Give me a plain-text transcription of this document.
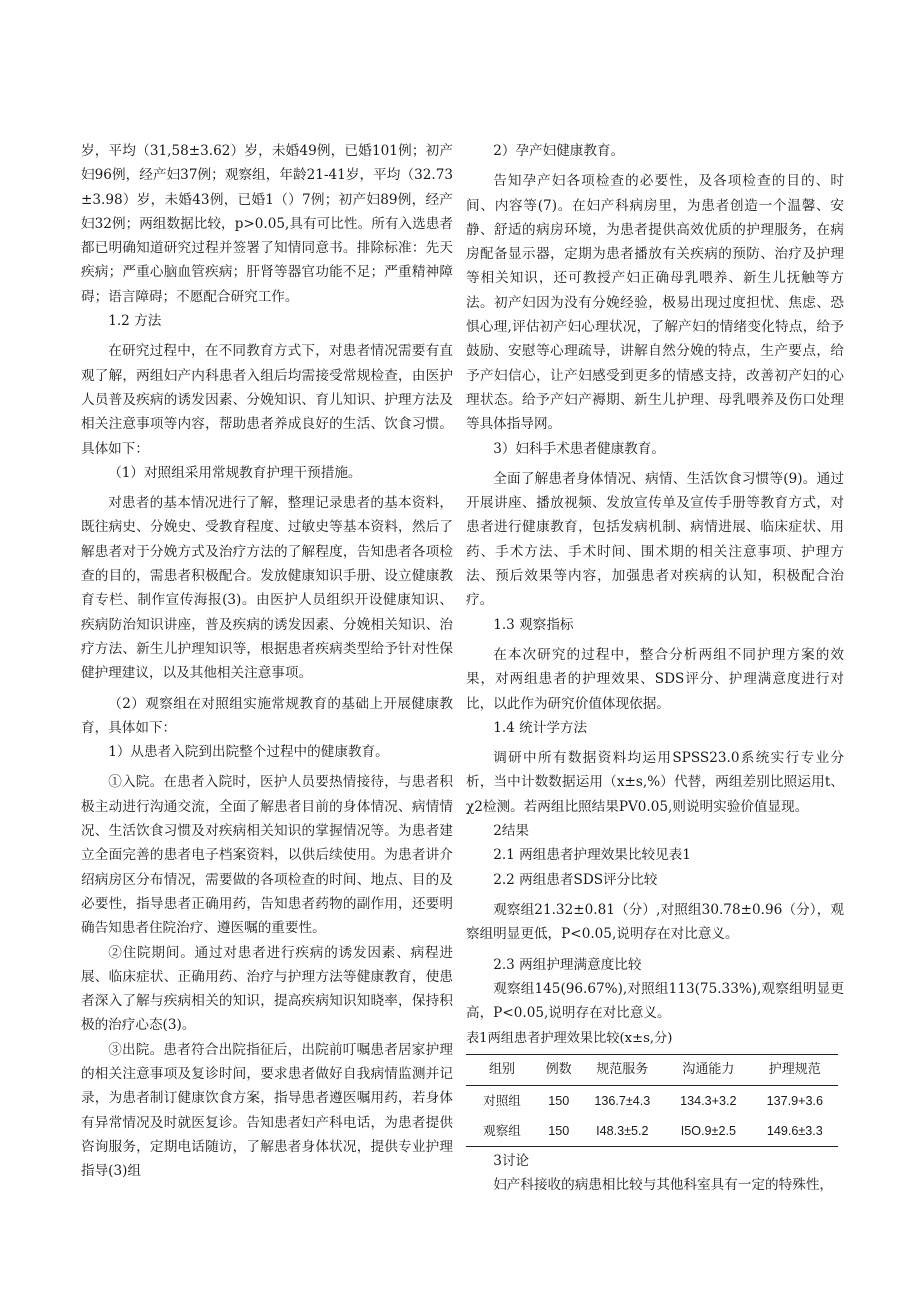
岁，平均（31,58±3.62）岁，未婚49例，已婚101例；初产妇96例，经产妇37例；观察组，年龄21-41岁，平均（32.73±3.98）岁，未婚43例，已婚1（）7例；初产妇89例，经产妇32例；两组数据比较，p>0.05,具有可比性。所有入选患者都已明确知道研究过程并签署了知情同意书。排除标准：先天疾病；严重心脑血管疾病；肝肾等器官功能不足；严重精神障碍；语言障碍；不愿配合研究工作。

1.2 方法

在研究过程中，在不同教育方式下，对患者情况需要有直观了解，两组妇产内科患者入组后均需接受常规检查，由医护人员普及疾病的诱发因素、分娩知识、育儿知识、护理方法及相关注意事项等内容，帮助患者养成良好的生活、饮食习惯。具体如下：

（1）对照组采用常规教育护理干预措施。

对患者的基本情况进行了解，整理记录患者的基本资料，既往病史、分娩史、受教育程度、过敏史等基本资料，然后了解患者对于分娩方式及治疗方法的了解程度，告知患者各项检查的目的，需患者积极配合。发放健康知识手册、设立健康教育专栏、制作宣传海报(3)。由医护人员组织开设健康知识、疾病防治知识讲座，普及疾病的诱发因素、分娩相关知识、治疗方法、新生儿护理知识等，根据患者疾病类型给予针对性保健护理建议，以及其他相关注意事项。

（2）观察组在对照组实施常规教育的基础上开展健康教育，具体如下：

1）从患者入院到出院整个过程中的健康教育。

①入院。在患者入院时，医护人员要热情接待，与患者积极主动进行沟通交流，全面了解患者目前的身体情况、病情情况、生活饮食习惯及对疾病相关知识的掌握情况等。为患者建立全面完善的患者电子档案资料，以供后续使用。为患者讲介绍病房区分布情况，需要做的各项检查的时间、地点、目的及必要性，指导患者正确用药，告知患者药物的副作用，还要明确告知患者住院治疗、遵医嘱的重要性。

②住院期间。通过对患者进行疾病的诱发因素、病程进展、临床症状、正确用药、治疗与护理方法等健康教育，使患者深入了解与疾病相关的知识，提高疾病知识知晓率，保持积极的治疗心态(3)。

③出院。患者符合出院指征后，出院前叮嘱患者居家护理的相关注意事项及复诊时间，要求患者做好自我病情监测并记录，为患者制订健康饮食方案，指导患者遵医嘱用药，若身体有异常情况及时就医复诊。告知患者妇产科电话，为患者提供咨询服务，定期电话随访，了解患者身体状况，提供专业护理指导(3)组

2）孕产妇健康教育。

告知孕产妇各项检查的必要性，及各项检查的目的、时间、内容等(7)。在妇产科病房里，为患者创造一个温馨、安静、舒适的病房环境，为患者提供高效优质的护理服务，在病房配备显示器，定期为患者播放有关疾病的预防、治疗及护理等相关知识，还可教授产妇正确母乳喂养、新生儿抚触等方法。初产妇因为没有分娩经验，极易出现过度担忧、焦虑、恐惧心理,评估初产妇心理状况，了解产妇的情绪变化特点，给予鼓励、安慰等心理疏导，讲解自然分娩的特点，生产要点，给予产妇信心，让产妇感受到更多的情感支持，改善初产妇的心理状态。给予产妇产褥期、新生儿护理、母乳喂养及伤口处理等具体指导网。

3）妇科手术患者健康教育。

全面了解患者身体情况、病情、生活饮食习惯等(9)。通过开展讲座、播放视频、发放宣传单及宣传手册等教育方式，对患者进行健康教育，包括发病机制、病情进展、临床症状、用药、手术方法、手术时间、围术期的相关注意事项、护理方法、预后效果等内容，加强患者对疾病的认知，积极配合治疗。

1.3 观察指标

在本次研究的过程中，整合分析两组不同护理方案的效果，对两组患者的护理效果、SDS评分、护理满意度进行对比，以此作为研究价值体现依据。

1.4 统计学方法

调研中所有数据资料均运用SPSS23.0系统实行专业分析，当中计数数据运用（x±s,%）代替，两组差别比照运用t、χ2检测。若两组比照结果PV0.05,则说明实验价值显现。

2结果

2.1 两组患者护理效果比较见表1

2.2 两组患者SDS评分比较

观察组21.32±0.81（分）,对照组30.78±0.96（分），观察组明显更低，P<0.05,说明存在对比意义。

2.3 两组护理满意度比较

观察组145(96.67%),对照组113(75.33%),观察组明显更高，P<0.05,说明存在对比意义。

表1两组患者护理效果比较(x±s,分)

组别	例数	规范服务	沟通能力	护理规范
对照组	150	136.7±4.3	134.3+3.2	137.9+3.6
观察组	150	I48.3±5.2	I5O.9±2.5	149.6±3.3

3讨论

妇产科接收的病患相比较与其他科室具有一定的特殊性，
